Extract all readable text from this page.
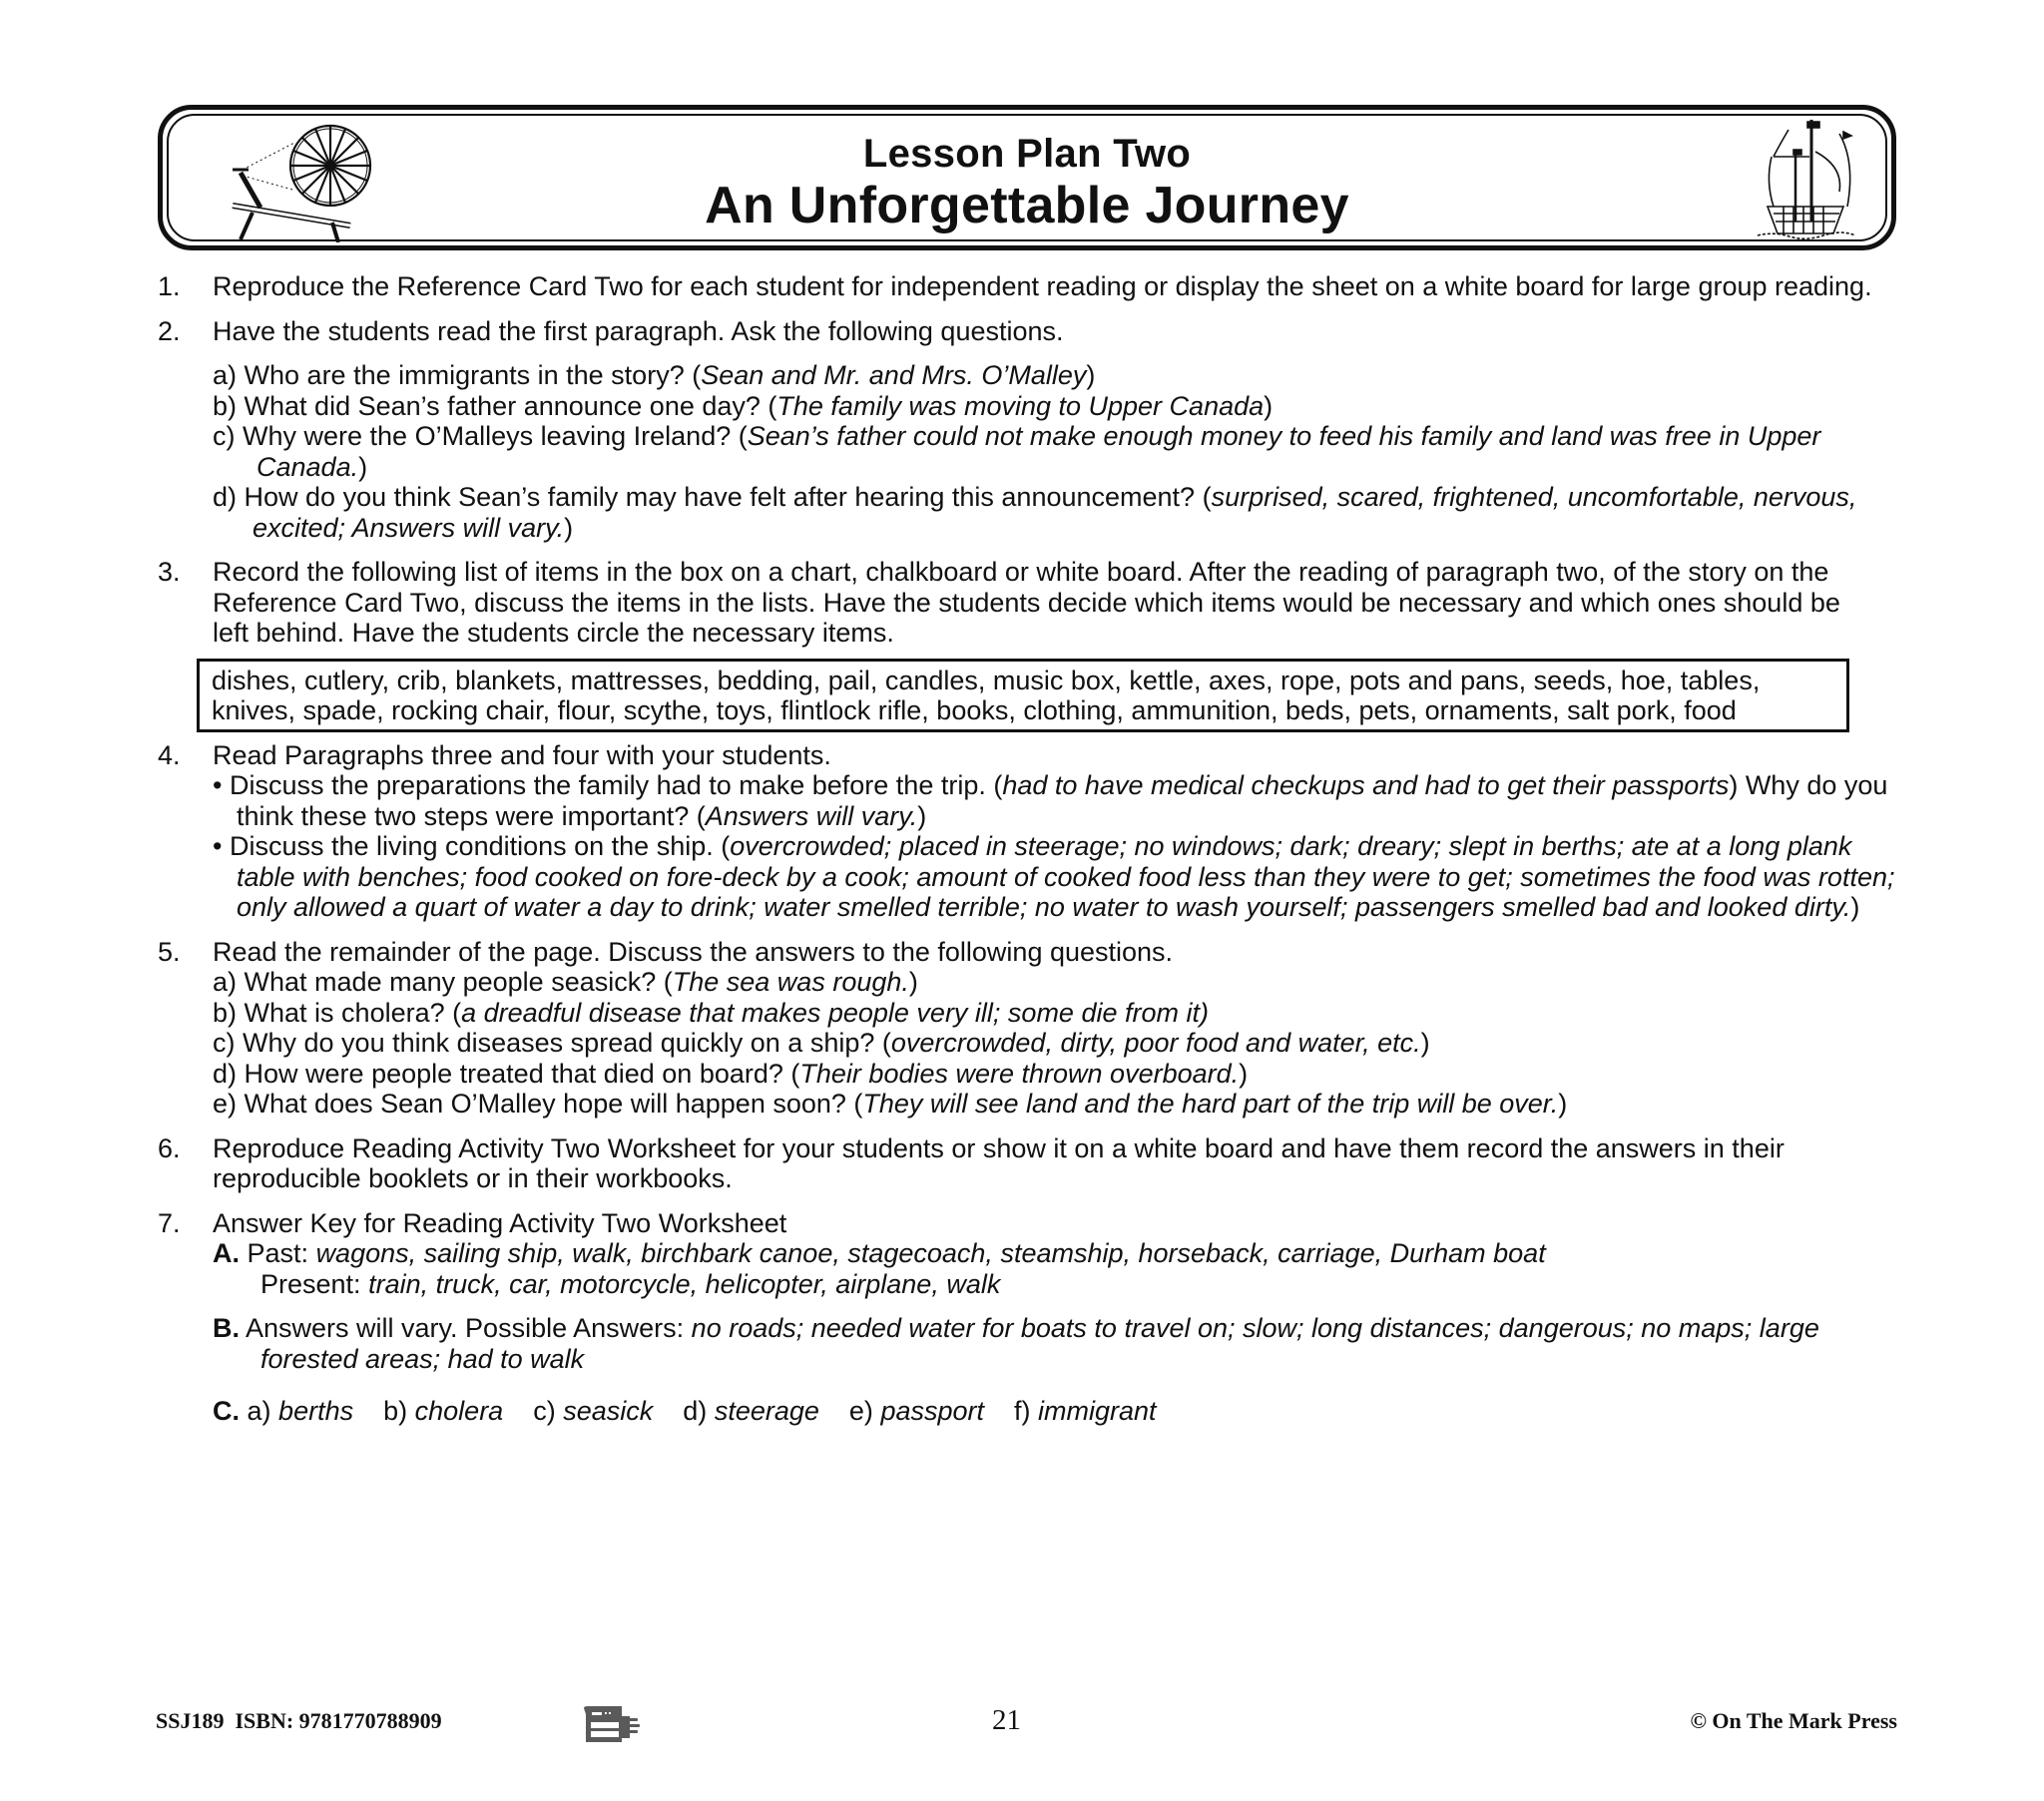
Lesson Plan Two
An Unforgettable Journey
1. Reproduce the Reference Card Two for each student for independent reading or display the sheet on a white board for large group reading.
2. Have the students read the first paragraph. Ask the following questions.
a) Who are the immigrants in the story? (Sean and Mr. and Mrs. O’Malley)
b) What did Sean’s father announce one day? (The family was moving to Upper Canada)
c) Why were the O’Malleys leaving Ireland? (Sean’s father could not make enough money to feed his family and land was free in Upper Canada.)
d) How do you think Sean’s family may have felt after hearing this announcement? (surprised, scared, frightened, uncomfortable, nervous, excited; Answers will vary.)
3. Record the following list of items in the box on a chart, chalkboard or white board. After the reading of paragraph two, of the story on the Reference Card Two, discuss the items in the lists. Have the students decide which items would be necessary and which ones should be left behind. Have the students circle the necessary items.
dishes, cutlery, crib, blankets, mattresses, bedding, pail, candles, music box, kettle, axes, rope, pots and pans, seeds, hoe, tables, knives, spade, rocking chair, flour, scythe, toys, flintlock rifle, books, clothing, ammunition, beds, pets, ornaments, salt pork, food
4. Read Paragraphs three and four with your students.
• Discuss the preparations the family had to make before the trip. (had to have medical checkups and had to get their passports) Why do you think these two steps were important? (Answers will vary.)
• Discuss the living conditions on the ship. (overcrowded; placed in steerage; no windows; dark; dreary; slept in berths; ate at a long plank table with benches; food cooked on fore-deck by a cook; amount of cooked food less than they were to get; sometimes the food was rotten; only allowed a quart of water a day to drink; water smelled terrible; no water to wash yourself; passengers smelled bad and looked dirty.)
5. Read the remainder of the page. Discuss the answers to the following questions.
a) What made many people seasick? (The sea was rough.)
b) What is cholera? (a dreadful disease that makes people very ill; some die from it)
c) Why do you think diseases spread quickly on a ship? (overcrowded, dirty, poor food and water, etc.)
d) How were people treated that died on board? (Their bodies were thrown overboard.)
e) What does Sean O’Malley hope will happen soon? (They will see land and the hard part of the trip will be over.)
6. Reproduce Reading Activity Two Worksheet for your students or show it on a white board and have them record the answers in their reproducible booklets or in their workbooks.
7. Answer Key for Reading Activity Two Worksheet
A. Past: wagons, sailing ship, walk, birchbark canoe, stagecoach, steamship, horseback, carriage, Durham boat
Present: train, truck, car, motorcycle, helicopter, airplane, walk
B. Answers will vary. Possible Answers: no roads; needed water for boats to travel on; slow; long distances; dangerous; no maps; large forested areas; had to walk
C. a) berths b) cholera c) seasick d) steerage e) passport f) immigrant
SSJ189  ISBN: 9781770788909	21	© On The Mark Press
